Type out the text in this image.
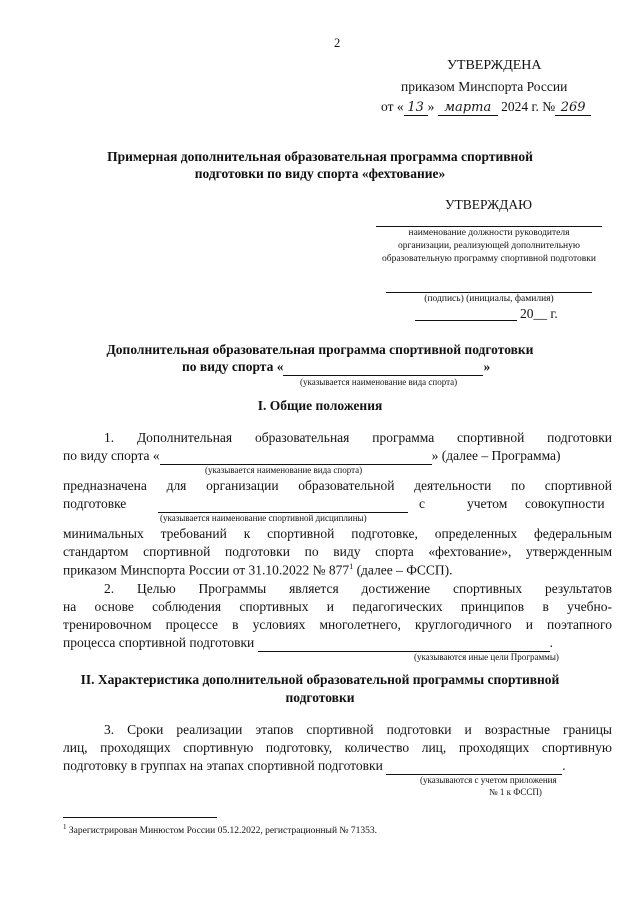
2
УТВЕРЖДЕНА
приказом Минспорта России
от « 13 » марта 2024 г. № 269
Примерная дополнительная образовательная программа спортивной
подготовки по виду спорта «фехтование»
УТВЕРЖДАЮ
наименование должности руководителя
организации, реализующей дополнительную
образовательную программу спортивной подготовки
(подпись) (инициалы, фамилия)
20__ г.
Дополнительная образовательная программа спортивной подготовки
по виду спорта «	»
(указывается наименование вида спорта)
I. Общие положения
1. Дополнительная образовательная программа спортивной подготовки
по виду спорта «	» (далее – Программа)
(указывается наименование вида спорта)
предназначена для организации образовательной деятельности по спортивной
подготовке	с	учетом совокупности
(указывается наименование спортивной дисциплины)
минимальных требований к спортивной подготовке, определенных федеральным
стандартом спортивной подготовки по виду спорта «фехтование», утвержденным
приказом Минспорта России от 31.10.2022 № $877^1$ (далее – ФССП).
2. Целью Программы является достижение спортивных результатов
на основе соблюдения спортивных и педагогических принципов в учебно-
тренировочном процессе в условиях многолетнего, круглогодичного и поэтапного
процесса спортивной подготовки	.
(указываются иные цели Программы)
II. Характеристика дополнительной образовательной программы спортивной
подготовки
3. Сроки реализации этапов спортивной подготовки и возрастные границы
лиц, проходящих спортивную подготовку, количество лиц, проходящих спортивную
подготовку в группах на этапах спортивной подготовки	.
(указываются с учетом приложения
№ 1 к ФССП)
$^1$ Зарегистрирован Минюстом России 05.12.2022, регистрационный № 71353.
